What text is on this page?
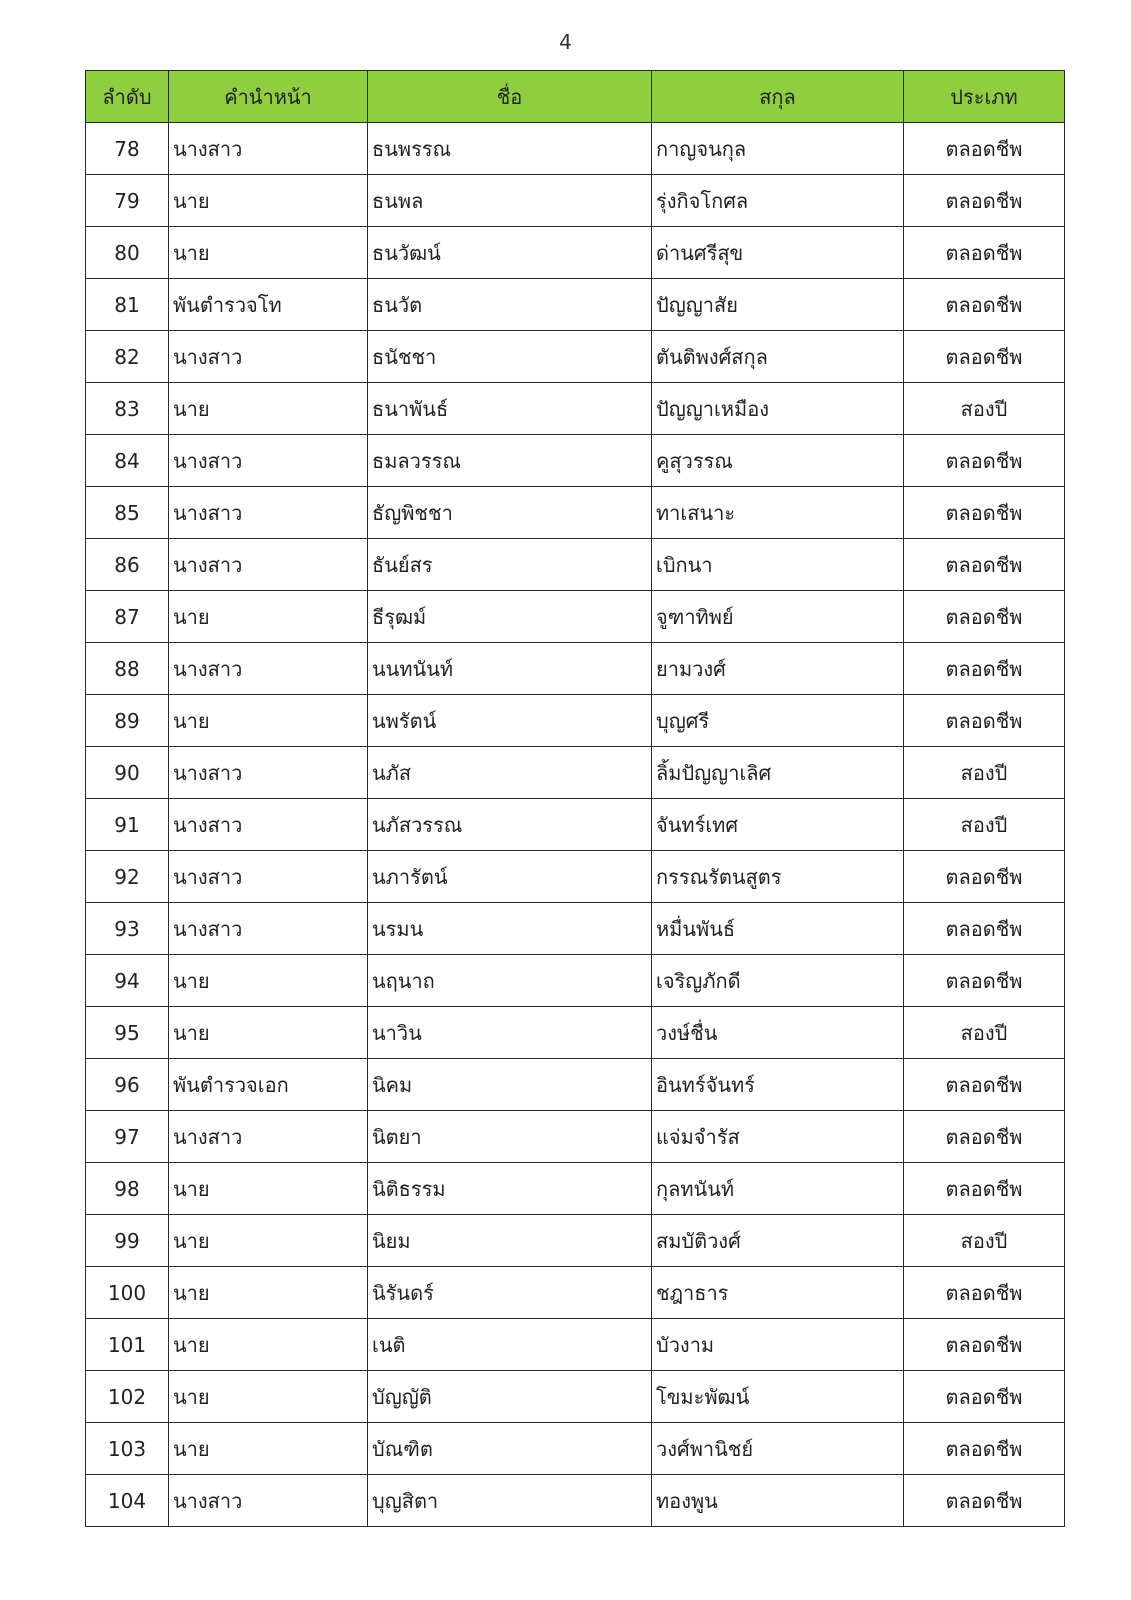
4
ลำดับ	คำนำหน้า	ชื่อ	สกุล	ประเภท
78	นางสาว	ธนพรรณ	กาญจนกุล	ตลอดชีพ
79	นาย	ธนพล	รุ่งกิจโกศล	ตลอดชีพ
80	นาย	ธนวัฒน์	ด่านศรีสุข	ตลอดชีพ
81	พันตำรวจโท	ธนวัต	ปัญญาสัย	ตลอดชีพ
82	นางสาว	ธนัชชา	ตันติพงศ์สกุล	ตลอดชีพ
83	นาย	ธนาพันธ์	ปัญญาเหมือง	สองปี
84	นางสาว	ธมลวรรณ	คูสุวรรณ	ตลอดชีพ
85	นางสาว	ธัญพิชชา	ทาเสนาะ	ตลอดชีพ
86	นางสาว	ธันย์สร	เบิกนา	ตลอดชีพ
87	นาย	ธีรุฒม์	จูฑาทิพย์	ตลอดชีพ
88	นางสาว	นนทนันท์	ยามวงศ์	ตลอดชีพ
89	นาย	นพรัตน์	บุญศรี	ตลอดชีพ
90	นางสาว	นภัส	ลิ้มปัญญาเลิศ	สองปี
91	นางสาว	นภัสวรรณ	จันทร์เทศ	สองปี
92	นางสาว	นภารัตน์	กรรณรัตนสูตร	ตลอดชีพ
93	นางสาว	นรมน	หมื่นพันธ์	ตลอดชีพ
94	นาย	นฤนาถ	เจริญภักดี	ตลอดชีพ
95	นาย	นาวิน	วงษ์ชื่น	สองปี
96	พันตำรวจเอก	นิคม	อินทร์จันทร์	ตลอดชีพ
97	นางสาว	นิตยา	แจ่มจำรัส	ตลอดชีพ
98	นาย	นิติธรรม	กุลทนันท์	ตลอดชีพ
99	นาย	นิยม	สมบัติวงศ์	สองปี
100	นาย	นิรันดร์	ชฎาธาร	ตลอดชีพ
101	นาย	เนติ	บัวงาม	ตลอดชีพ
102	นาย	บัญญัติ	โขมะพัฒน์	ตลอดชีพ
103	นาย	บัณฑิต	วงศ์พานิชย์	ตลอดชีพ
104	นางสาว	บุญสิตา	ทองพูน	ตลอดชีพ
